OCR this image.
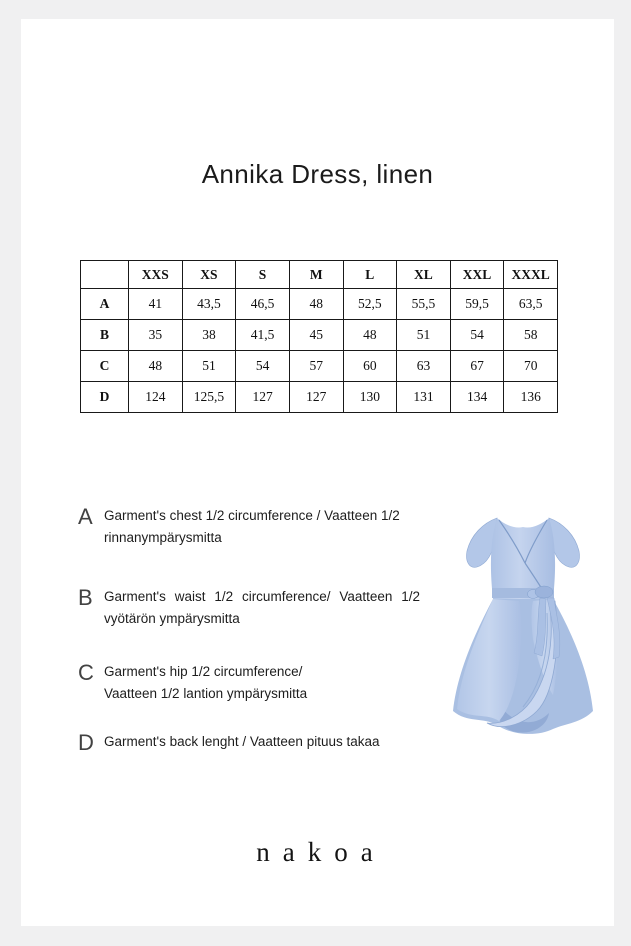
Annika Dress, linen
	XXS	XS	S	M	L	XL	XXL	XXXL
A	41	43,5	46,5	48	52,5	55,5	59,5	63,5
B	35	38	41,5	45	48	51	54	58
C	48	51	54	57	60	63	67	70
D	124	125,5	127	127	130	131	134	136
A Garment's chest 1/2 circumference / Vaatteen 1/2
rinnanympärysmitta
B Garment's waist 1/2 circumference/ Vaatteen 1/2
vyötärön ympärysmitta
C Garment's hip 1/2 circumference/
Vaatteen 1/2 lantion ympärysmitta
D Garment's back lenght / Vaatteen pituus takaa
nakoa
